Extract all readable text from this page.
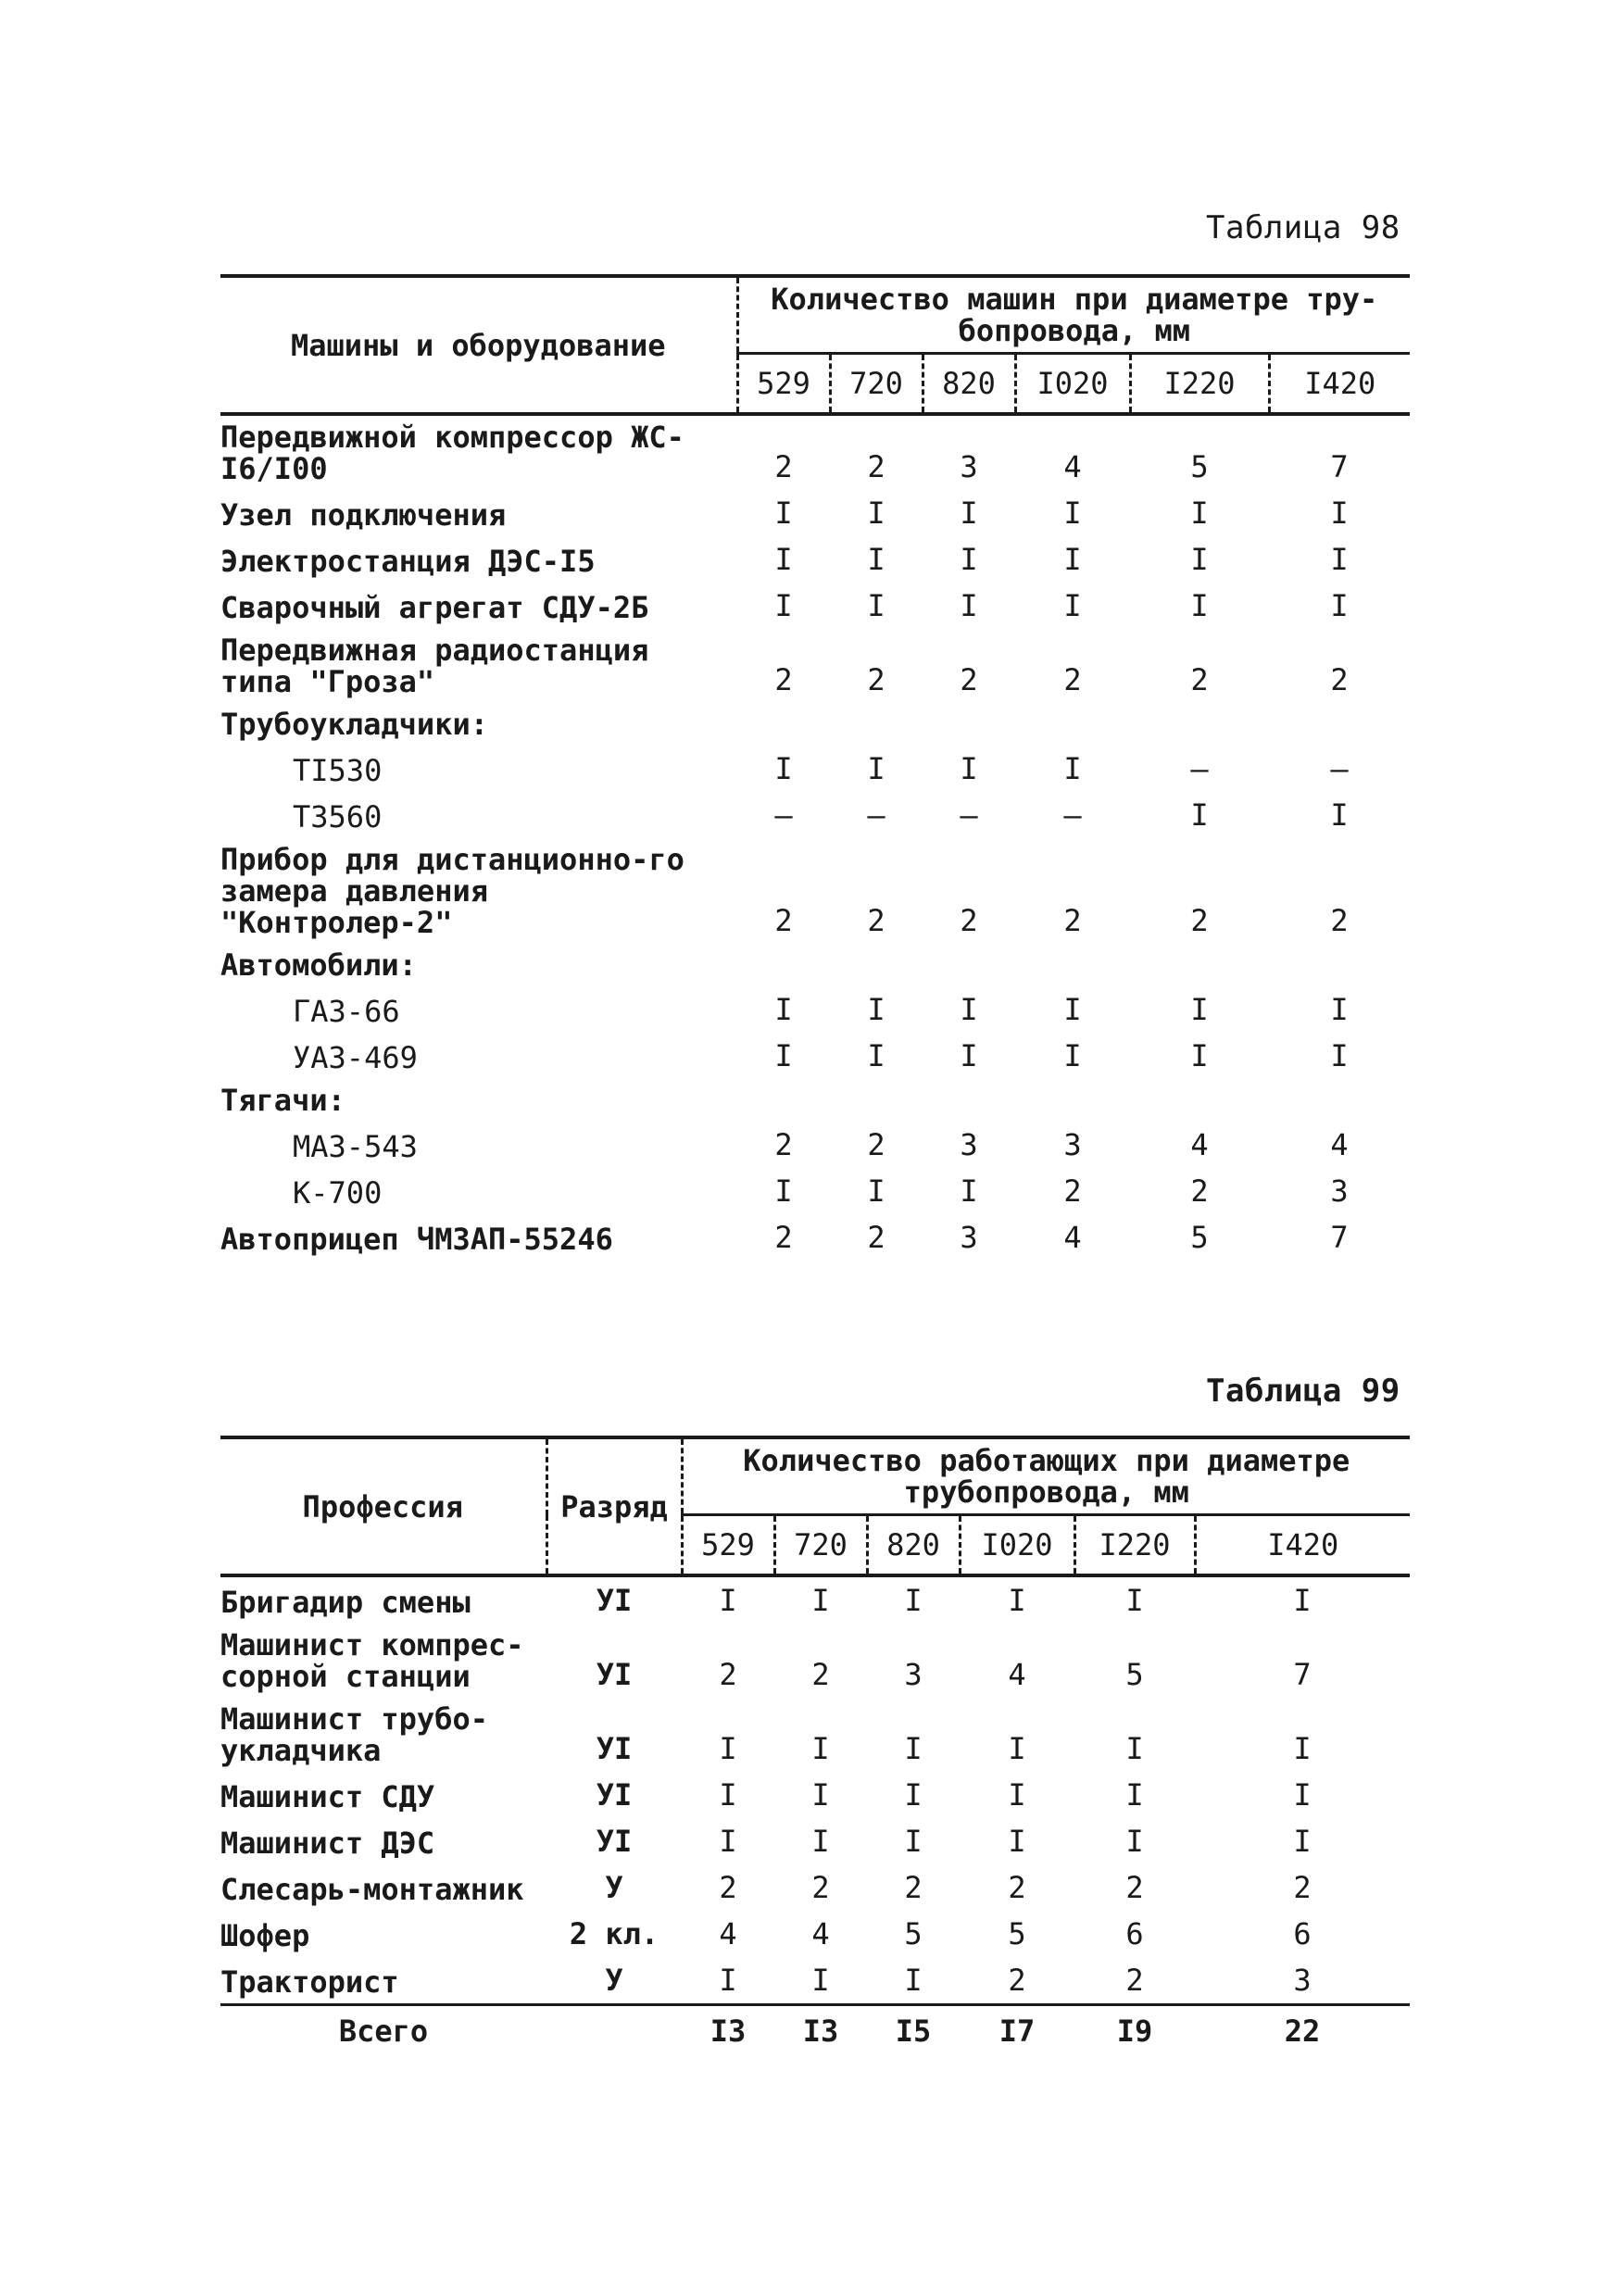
Таблица 98
Машины и оборудование	Количество машин при диаметре тру-бопровода, мм					
	529	720	820	I020	I220	I420
Передвижной компрессор ЖС-I6/I00	2	2	3	4	5	7
Узел подключения	I	I	I	I	I	I
Электростанция ДЭС-I5	I	I	I	I	I	I
Сварочный агрегат СДУ-2Б	I	I	I	I	I	I
Передвижная радиостанция типа "Гроза"	2	2	2	2	2	2
Трубоукладчики:						
TI530	I	I	I	I	–	–
T3560	–	–	–	–	I	I
Прибор для дистанционно-го замера давления "Контролер-2"	2	2	2	2	2	2
Автомобили:						
ГАЗ-66	I	I	I	I	I	I
УАЗ-469	I	I	I	I	I	I
Тягачи:						
МАЗ-543	2	2	3	3	4	4
К-700	I	I	I	2	2	3
Автоприцеп ЧМЗАП-55246	2	2	3	4	5	7
Таблица 99
Профессия	Разряд	Количество работающих при диаметре трубопровода, мм					
		529	720	820	I020	I220	I420
Бригадир смены	УI	I	I	I	I	I	I
Машинист компрес-сорной станции	УI	2	2	3	4	5	7
Машинист трубо-укладчика	УI	I	I	I	I	I	I
Машинист СДУ	УI	I	I	I	I	I	I
Машинист ДЭС	УI	I	I	I	I	I	I
Слесарь-монтажник	У	2	2	2	2	2	2
Шофер	2 кл.	4	4	5	5	6	6
Тракторист	У	I	I	I	2	2	3
Всего		I3	I3	I5	I7	I9	22
